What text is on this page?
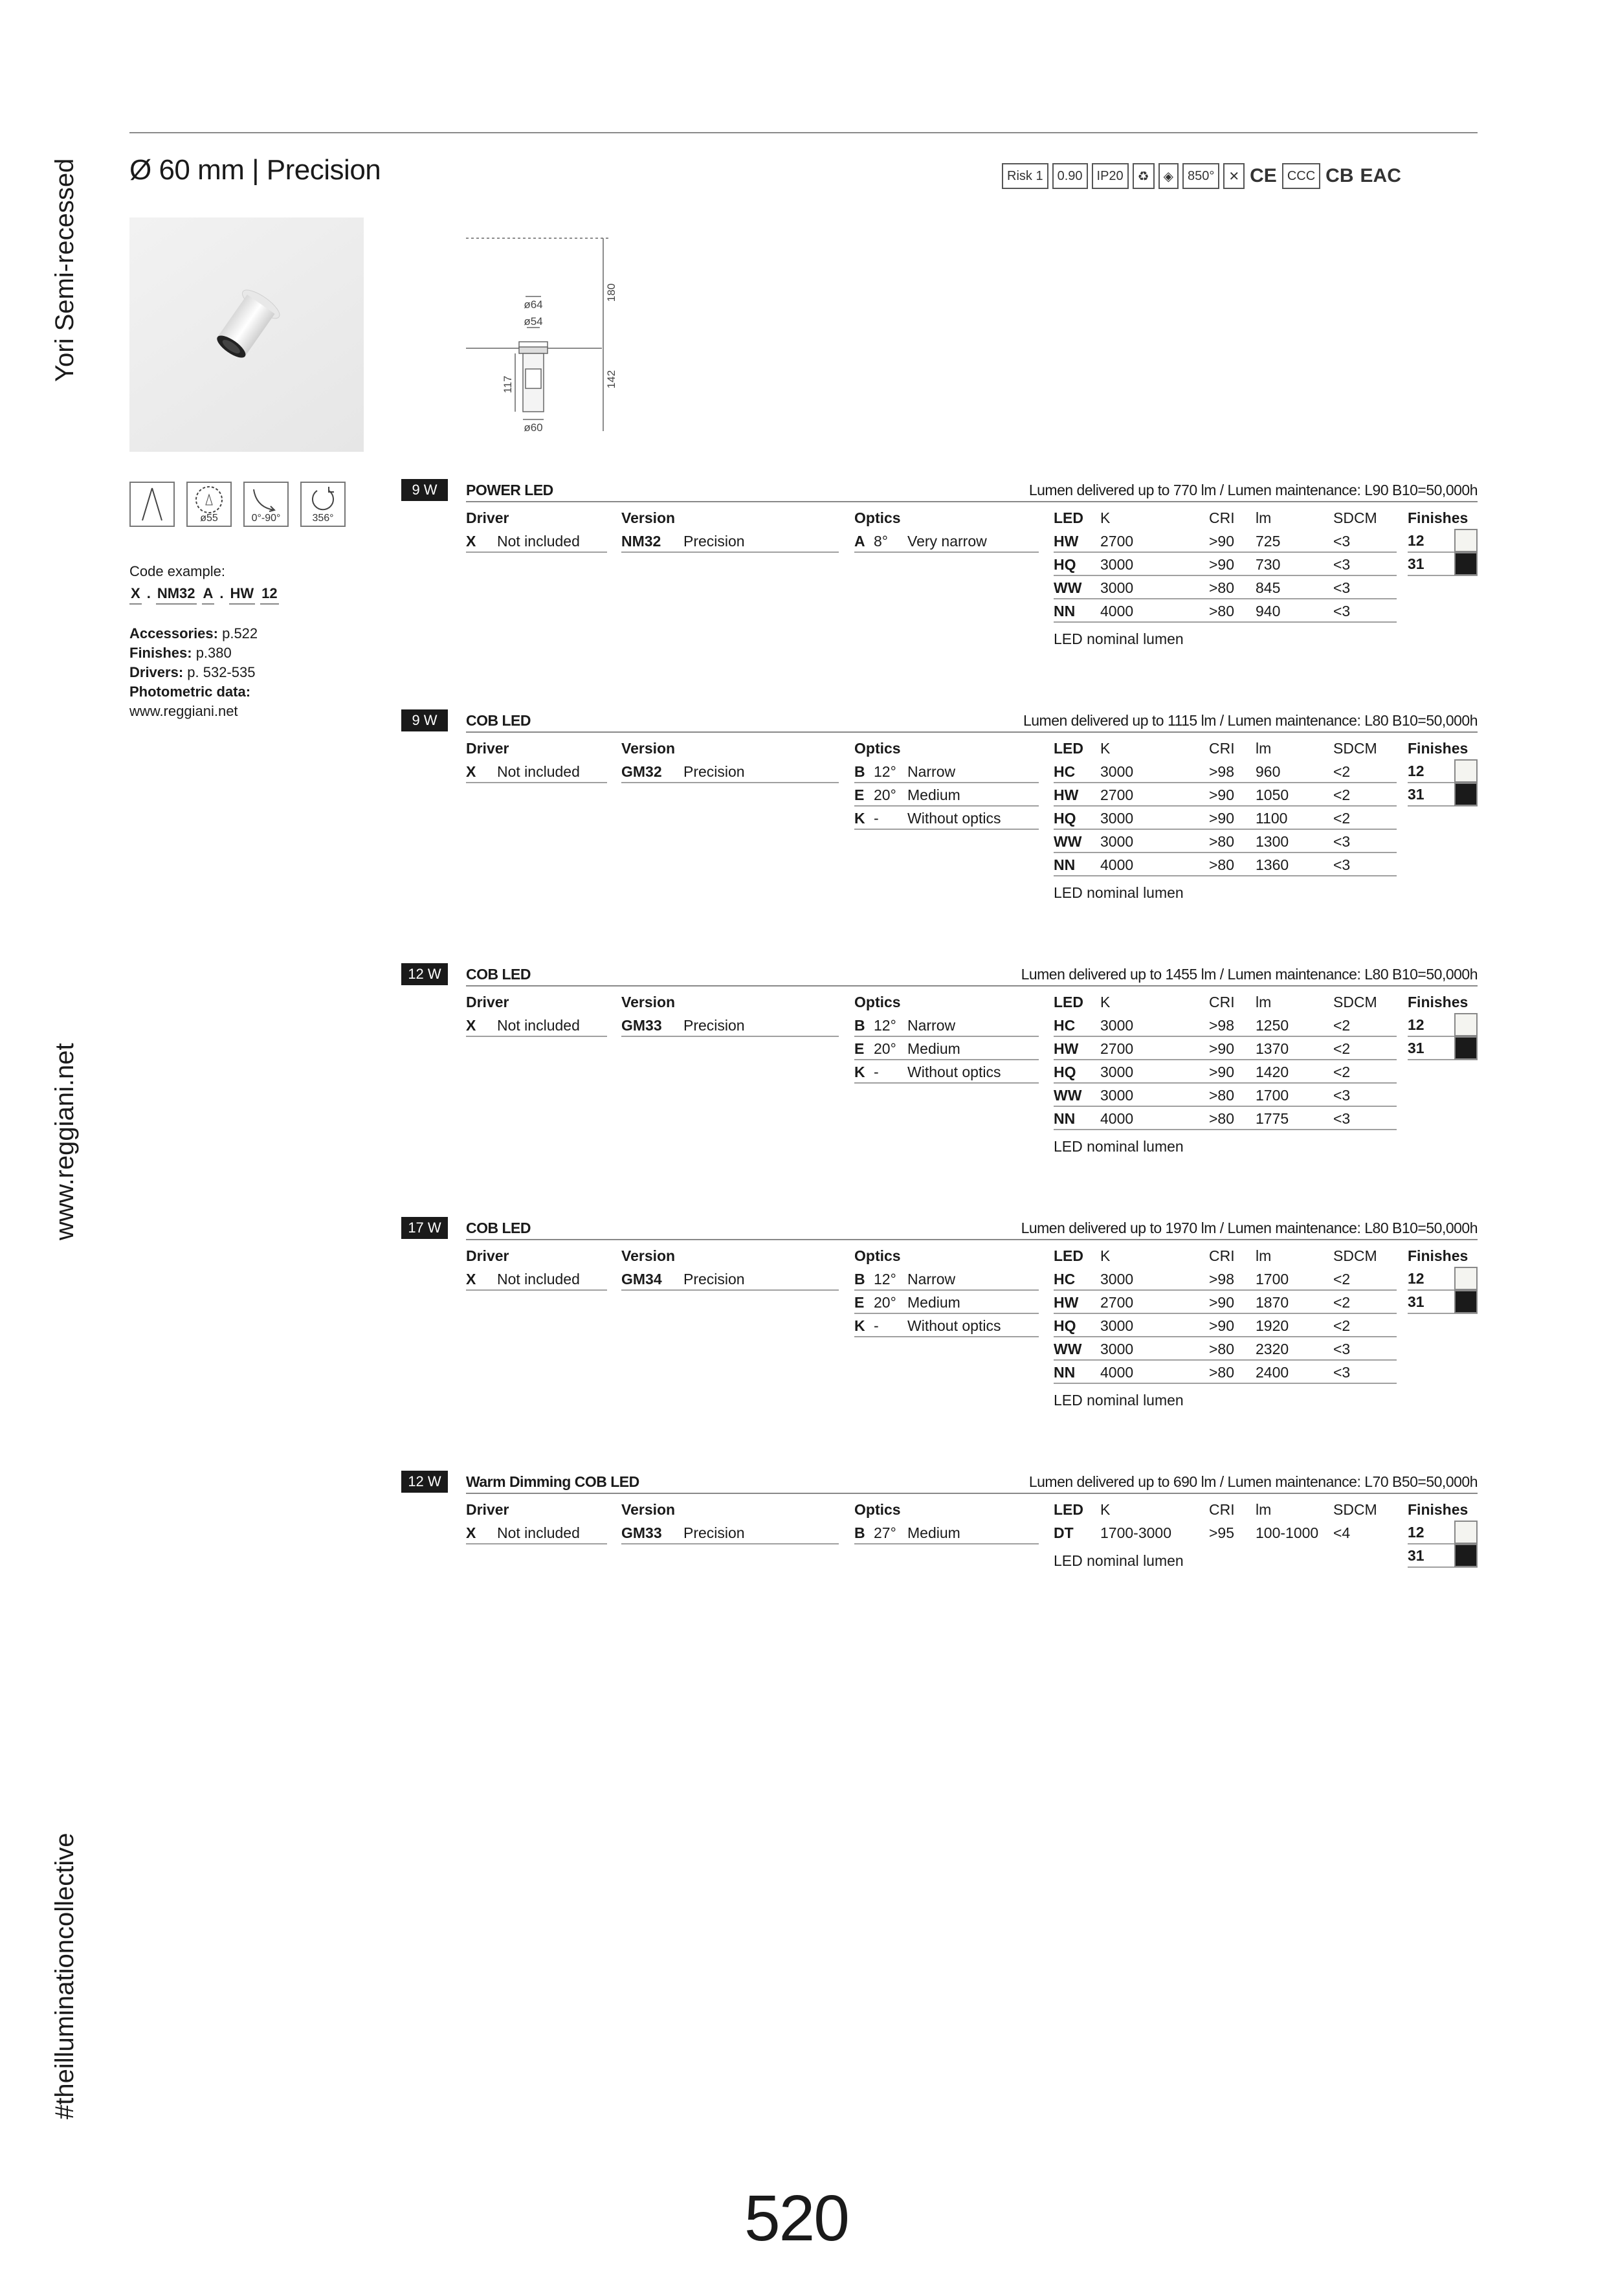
Yori Semi-recessed
www.reggiani.net
#theilluminationcollective
Ø 60 mm | Precision	Risk 1	0.90	IP20	♻	◈	850°	✕ CE CCC CB EAC
ø64
ø54
ø60
180
142
117
ø55	0°-90°	356°
Code example:
X . NM32 A . HW 12
Accessories: p.522
Finishes: p.380
Drivers: p. 532-535
Photometric data:
www.reggiani.net
9 W	POWER LED	Lumen delivered up to 770 lm / Lumen maintenance: L90 B10=50,000h
Driver
X Not included
Version
NM32 Precision
Optics
A 8° Very narrow
LED	K	CRI	lm	SDCM
HW	2700	>90	725	<3
HQ	3000	>90	730	<3
WW	3000	>80	845	<3
NN	4000	>80	940	<3
LED nominal lumen
Finishes
12
31
9 W	COB LED	Lumen delivered up to 1115 lm / Lumen maintenance: L80 B10=50,000h
Driver
X Not included
Version
GM32 Precision
Optics
B 12° Narrow
E 20° Medium
K - Without optics
LED	K	CRI	lm	SDCM
HC	3000	>98	960	<2
HW	2700	>90	1050	<2
HQ	3000	>90	1100	<2
WW	3000	>80	1300	<3
NN	4000	>80	1360	<3
LED nominal lumen
Finishes
12
31
12 W	COB LED	Lumen delivered up to 1455 lm / Lumen maintenance: L80 B10=50,000h
Driver
X Not included
Version
GM33 Precision
Optics
B 12° Narrow
E 20° Medium
K - Without optics
LED	K	CRI	lm	SDCM
HC	3000	>98	1250	<2
HW	2700	>90	1370	<2
HQ	3000	>90	1420	<2
WW	3000	>80	1700	<3
NN	4000	>80	1775	<3
LED nominal lumen
Finishes
12
31
17 W	COB LED	Lumen delivered up to 1970 lm / Lumen maintenance: L80 B10=50,000h
Driver
X Not included
Version
GM34 Precision
Optics
B 12° Narrow
E 20° Medium
K - Without optics
LED	K	CRI	lm	SDCM
HC	3000	>98	1700	<2
HW	2700	>90	1870	<2
HQ	3000	>90	1920	<2
WW	3000	>80	2320	<3
NN	4000	>80	2400	<3
LED nominal lumen
Finishes
12
31
12 W	Warm Dimming COB LED	Lumen delivered up to 690 lm / Lumen maintenance: L70 B50=50,000h
Driver
X Not included
Version
GM33 Precision
Optics
B 27° Medium
LED	K	CRI	lm	SDCM
DT	1700-3000	>95	100-1000 <4
LED nominal lumen
Finishes
12
31
520
